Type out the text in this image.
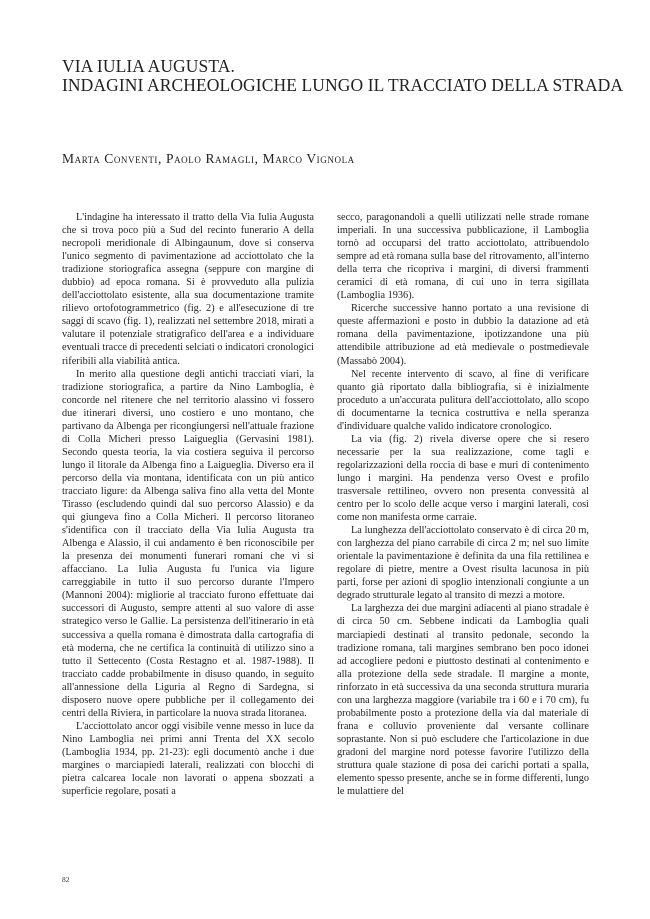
VIA IULIA AUGUSTA.
INDAGINI ARCHEOLOGICHE LUNGO IL TRACCIATO DELLA STRADA
Marta Conventi, Paolo Ramagli, Marco Vignola

L'indagine ha interessato il tratto della Via Iulia Augusta che si trova poco più a Sud del recinto funerario A della necropoli meridionale di Albingaunum, dove si conserva l'unico segmento di pavimentazione ad acciottolato che la tradizione storiografica assegna (seppure con margine di dubbio) ad epoca romana. Si è provveduto alla pulizia dell'acciottolato esistente, alla sua documentazione tramite rilievo ortofotogrammetrico (fig. 2) e all'esecuzione di tre saggi di scavo (fig. 1), realizzati nel settembre 2018, mirati a valutare il potenziale stratigrafico dell'area e a individuare eventuali tracce di precedenti selciati o indicatori cronologici riferibili alla viabilità antica.

In merito alla questione degli antichi tracciati viari, la tradizione storiografica, a partire da Nino Lamboglia, è concorde nel ritenere che nel territorio alassino vi fossero due itinerari diversi, uno costiero e uno montano, che partivano da Albenga per ricongiungersi nell'attuale frazione di Colla Micheri presso Laigueglia (Gervasini 1981). Secondo questa teoria, la via costiera seguiva il percorso lungo il litorale da Albenga fino a Laigueglia. Diverso era il percorso della via montana, identificata con un più antico tracciato ligure: da Albenga saliva fino alla vetta del Monte Tirasso (escludendo quindi dal suo percorso Alassio) e da qui giungeva fino a Colla Micheri. Il percorso litoraneo s'identifica con il tracciato della Via Iulia Augusta tra Albenga e Alassio, il cui andamento è ben riconoscibile per la presenza dei monumenti funerari romani che vi si affacciano. La Iulia Augusta fu l'unica via ligure carreggiabile in tutto il suo percorso durante l'Impero (Mannoni 2004): migliorie al tracciato furono effettuate dai successori di Augusto, sempre attenti al suo valore di asse strategico verso le Gallie. La persistenza dell'itinerario in età successiva a quella romana è dimostrata dalla cartografia di età moderna, che ne certifica la continuità di utilizzo sino a tutto il Settecento (Costa Restagno et al. 1987-1988). Il tracciato cadde probabilmente in disuso quando, in seguito all'annessione della Liguria al Regno di Sardegna, si disposero nuove opere pubbliche per il collegamento dei centri della Riviera, in particolare la nuova strada litoranea.

L'acciottolato ancor oggi visibile venne messo in luce da Nino Lamboglia nei primi anni Trenta del XX secolo (Lamboglia 1934, pp. 21-23): egli documentò anche i due margines o marciapiedi laterali, realizzati con blocchi di pietra calcarea locale non lavorati o appena sbozzati a superficie regolare, posati a

secco, paragonandoli a quelli utilizzati nelle strade romane imperiali. In una successiva pubblicazione, il Lamboglia tornò ad occuparsi del tratto acciottolato, attribuendolo sempre ad età romana sulla base del ritrovamento, all'interno della terra che ricopriva i margini, di diversi frammenti ceramici di età romana, di cui uno in terra sigillata (Lamboglia 1936).

Ricerche successive hanno portato a una revisione di queste affermazioni e posto in dubbio la datazione ad età romana della pavimentazione, ipotizzandone una più attendibile attribuzione ad età medievale o postmedievale (Massabò 2004).

Nel recente intervento di scavo, al fine di verificare quanto già riportato dalla bibliografia, si è inizialmente proceduto a un'accurata pulitura dell'acciottolato, allo scopo di documentarne la tecnica costruttiva e nella speranza d'individuare qualche valido indicatore cronologico.

La via (fig. 2) rivela diverse opere che si resero necessarie per la sua realizzazione, come tagli e regolarizzazioni della roccia di base e muri di contenimento lungo i margini. Ha pendenza verso Ovest e profilo trasversale rettilineo, ovvero non presenta convessità al centro per lo scolo delle acque verso i margini laterali, così come non manifesta orme carraie.

La lunghezza dell'acciottolato conservato è di circa 20 m, con larghezza del piano carrabile di circa 2 m; nel suo limite orientale la pavimentazione è definita da una fila rettilinea e regolare di pietre, mentre a Ovest risulta lacunosa in più parti, forse per azioni di spoglio intenzionali congiunte a un degrado strutturale legato al transito di mezzi a motore.

La larghezza dei due margini adiacenti al piano stradale è di circa 50 cm. Sebbene indicati da Lamboglia quali marciapiedi destinati al transito pedonale, secondo la tradizione romana, tali margines sembrano ben poco idonei ad accogliere pedoni e piuttosto destinati al contenimento e alla protezione della sede stradale. Il margine a monte, rinforzato in età successiva da una seconda struttura muraria con una larghezza maggiore (variabile tra i 60 e i 70 cm), fu probabilmente posto a protezione della via dal materiale di frana e colluvio proveniente dal versante collinare soprastante. Non si può escludere che l'articolazione in due gradoni del margine nord potesse favorire l'utilizzo della struttura quale stazione di posa dei carichi portati a spalla, elemento spesso presente, anche se in forme differenti, lungo le mulattiere del

82
